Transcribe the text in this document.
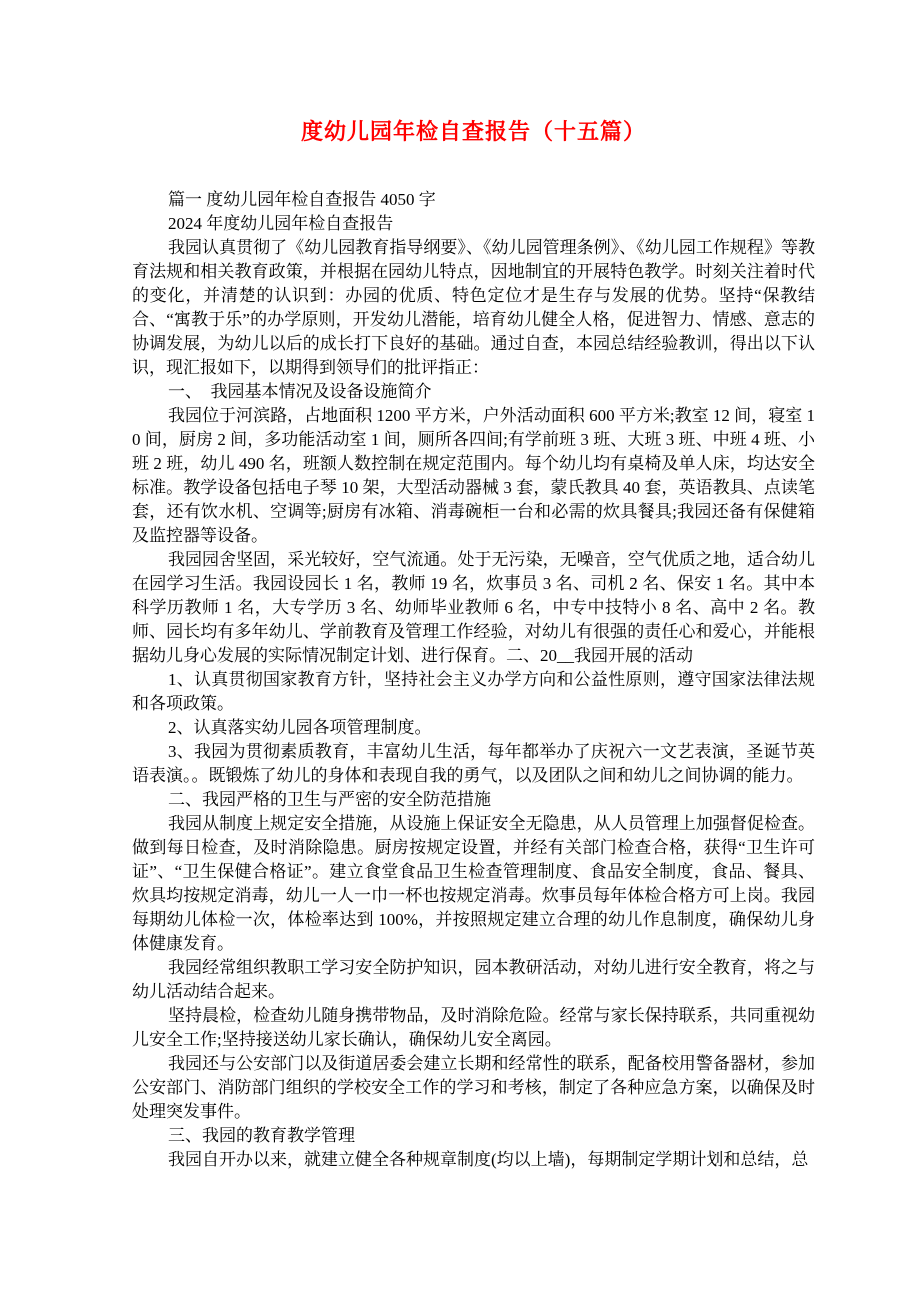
度幼儿园年检自查报告（十五篇）

篇一 度幼儿园年检自查报告 4050 字

2024 年度幼儿园年检自查报告

我园认真贯彻了《幼儿园教育指导纲要》、《幼儿园管理条例》、《幼儿园工作规程》等教育法规和相关教育政策，并根据在园幼儿特点，因地制宜的开展特色教学。时刻关注着时代的变化，并清楚的认识到：办园的优质、特色定位才是生存与发展的优势。坚持“保教结合、“寓教于乐”的办学原则，开发幼儿潜能，培育幼儿健全人格，促进智力、情感、意志的协调发展，为幼儿以后的成长打下良好的基础。通过自查，本园总结经验教训，得出以下认识，现汇报如下，以期得到领导们的批评指正：

一、　我园基本情况及设备设施简介

我园位于河滨路，占地面积 1200 平方米，户外活动面积 600 平方米;教室 12 间，寝室 10 间，厨房 2 间，多功能活动室 1 间，厕所各四间;有学前班 3 班、大班 3 班、中班 4 班、小班 2 班，幼儿 490 名，班额人数控制在规定范围内。每个幼儿均有桌椅及单人床，均达安全标准。教学设备包括电子琴 10 架，大型活动器械 3 套，蒙氏教具 40 套，英语教具、点读笔套，还有饮水机、空调等;厨房有冰箱、消毒碗柜一台和必需的炊具餐具;我园还备有保健箱及监控器等设备。

我园园舍坚固，采光较好，空气流通。处于无污染，无噪音，空气优质之地，适合幼儿在园学习生活。我园设园长 1 名，教师 19 名，炊事员 3 名、司机 2 名、保安 1 名。其中本科学历教师 1 名，大专学历 3 名、幼师毕业教师 6 名，中专中技特小 8 名、高中 2 名。教师、园长均有多年幼儿、学前教育及管理工作经验，对幼儿有很强的责任心和爱心，并能根据幼儿身心发展的实际情况制定计划、进行保育。二、20__我园开展的活动

1、认真贯彻国家教育方针，坚持社会主义办学方向和公益性原则，遵守国家法律法规和各项政策。

2、认真落实幼儿园各项管理制度。

3、我园为贯彻素质教育，丰富幼儿生活，每年都举办了庆祝六一文艺表演，圣诞节英语表演。。既锻炼了幼儿的身体和表现自我的勇气，以及团队之间和幼儿之间协调的能力。

二、我园严格的卫生与严密的安全防范措施

我园从制度上规定安全措施，从设施上保证安全无隐患，从人员管理上加强督促检查。做到每日检查，及时消除隐患。厨房按规定设置，并经有关部门检查合格，获得“卫生许可证”、“卫生保健合格证”。建立食堂食品卫生检查管理制度、食品安全制度，食品、餐具、炊具均按规定消毒，幼儿一人一巾一杯也按规定消毒。炊事员每年体检合格方可上岗。我园每期幼儿体检一次，体检率达到 100%，并按照规定建立合理的幼儿作息制度，确保幼儿身体健康发育。

我园经常组织教职工学习安全防护知识，园本教研活动，对幼儿进行安全教育，将之与幼儿活动结合起来。

坚持晨检，检查幼儿随身携带物品，及时消除危险。经常与家长保持联系，共同重视幼儿安全工作;坚持接送幼儿家长确认，确保幼儿安全离园。

我园还与公安部门以及街道居委会建立长期和经常性的联系，配备校用警备器材，参加公安部门、消防部门组织的学校安全工作的学习和考核，制定了各种应急方案，以确保及时处理突发事件。

三、我园的教育教学管理

我园自开办以来，就建立健全各种规章制度(均以上墙)，每期制定学期计划和总结，总
